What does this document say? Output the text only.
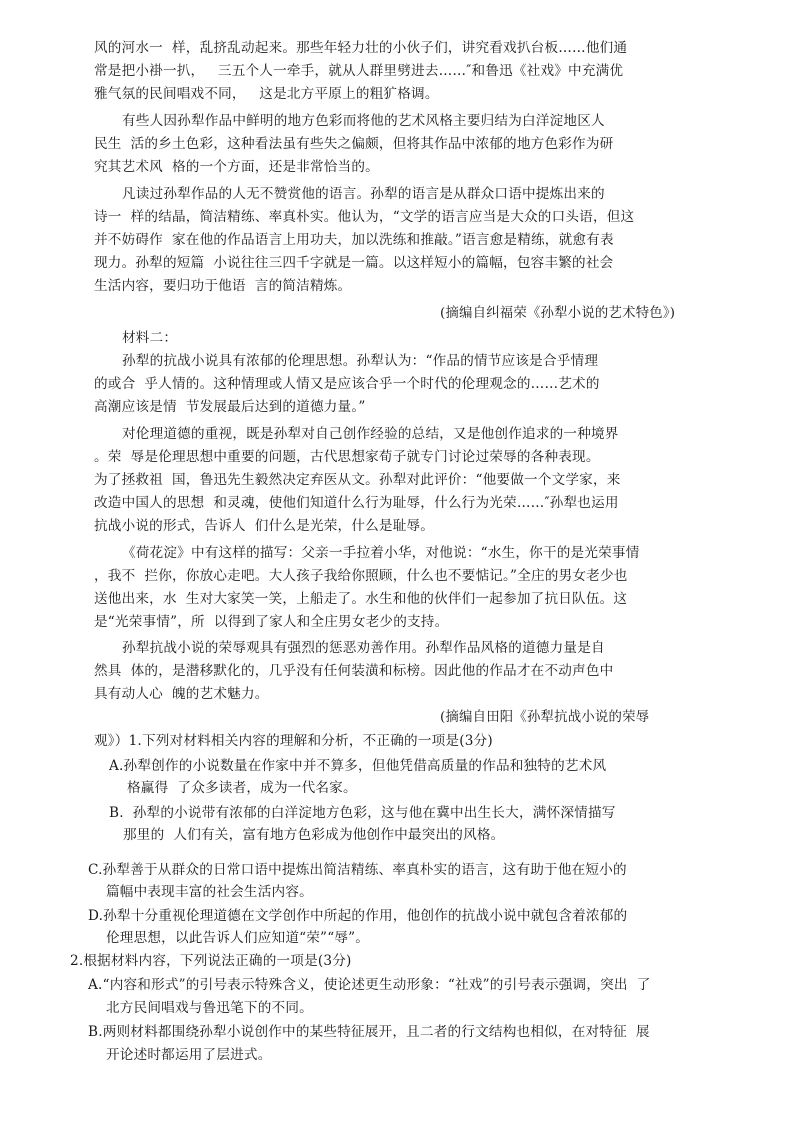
风的河水一  样，乱挤乱动起来。那些年轻力壮的小伙子们，讲究看戏扒台板……他们通
常是把小褂一扒，   三五个人一牵手，就从人群里劈进去……″和鲁迅《社戏》中充满优
雅气氛的民间唱戏不同，   这是北方平原上的粗犷格调。
有些人因孙犁作品中鲜明的地方色彩而将他的艺术风格主要归结为白洋淀地区人
民生  活的乡土色彩，这种看法虽有些失之偏颇，但将其作品中浓郁的地方色彩作为研
究其艺术风  格的一个方面，还是非常恰当的。
凡读过孙犁作品的人无不赞赏他的语言。孙犁的语言是从群众口语中提炼出来的
诗一  样的结晶，简洁精练、率真朴实。他认为，“文学的语言应当是大众的口头语，但这
并不妨碍作  家在他的作品语言上用功夫，加以洗练和推敲。”语言愈是精练，就愈有表
现力。孙犁的短篇  小说往往三四千字就是一篇。以这样短小的篇幅，包容丰繁的社会
生活内容，要归功于他语  言的简洁精炼。
(摘编自纠福荣《孙犁小说的艺术特色》)
材料二：
孙犁的抗战小说具有浓郁的伦理思想。孙犁认为：“作品的情节应该是合乎情理
的或合  乎人情的。这种情理或人情又是应该合乎一个时代的伦理观念的……艺术的
高潮应该是情  节发展最后达到的道德力量。”
对伦理道德的重视，既是孙犁对自己创作经验的总结，又是他创作追求的一种境界
。荣  辱是伦理思想中重要的问题，古代思想家荀子就专门讨论过荣辱的各种表现。
为了拯救祖  国，鲁迅先生毅然决定弃医从文。孙犁对此评价：“他要做一个文学家，来
改造中国人的思想  和灵魂，使他们知道什么行为耻辱，什么行为光荣……″孙犁也运用
抗战小说的形式，告诉人  们什么是光荣，什么是耻辱。
《荷花淀》中有这样的描写：父亲一手拉着小华，对他说：“水生，你干的是光荣事情
，我不  拦你，你放心走吧。大人孩子我给你照顾，什么也不要惦记。”全庄的男女老少也
送他出来，水  生对大家笑一笑，上船走了。水生和他的伙伴们一起参加了抗日队伍。这
是“光荣事情”，所  以得到了家人和全庄男女老少的支持。
孙犁抗战小说的荣辱观具有强烈的惩恶劝善作用。孙犁作品风格的道德力量是自
然具  体的，是潜移默化的，几乎没有任何装潢和标榜。因此他的作品才在不动声色中
具有动人心  魄的艺术魅力。
(摘编自田阳《孙犁抗战小说的荣辱
观》）1.下列对材料相关内容的理解和分析，不正确的一项是(3分)
A.孙犁创作的小说数量在作家中并不算多，但他凭借高质量的作品和独特的艺术风
格赢得  了众多读者，成为一代名家。
B.  孙犁的小说带有浓郁的白洋淀地方色彩，这与他在冀中出生长大，满怀深情描写
那里的  人们有关，富有地方色彩成为他创作中最突出的风格。
C.孙犁善于从群众的日常口语中提炼出简洁精练、率真朴实的语言，这有助于他在短小的
篇幅中表现丰富的社会生活内容。
D.孙犁十分重视伦理道德在文学创作中所起的作用，他创作的抗战小说中就包含着浓郁的
伦理思想，以此告诉人们应知道“荣”“辱”。
2.根据材料内容，下列说法正确的一项是(3分)
A.“内容和形式”的引号表示特殊含义，使论述更生动形象：“社戏”的引号表示强调，突出  了
北方民间唱戏与鲁迅笔下的不同。
B.两则材料都围绕孙犁小说创作中的某些特征展开，且二者的行文结构也相似，在对特征  展
开论述时都运用了层进式。
